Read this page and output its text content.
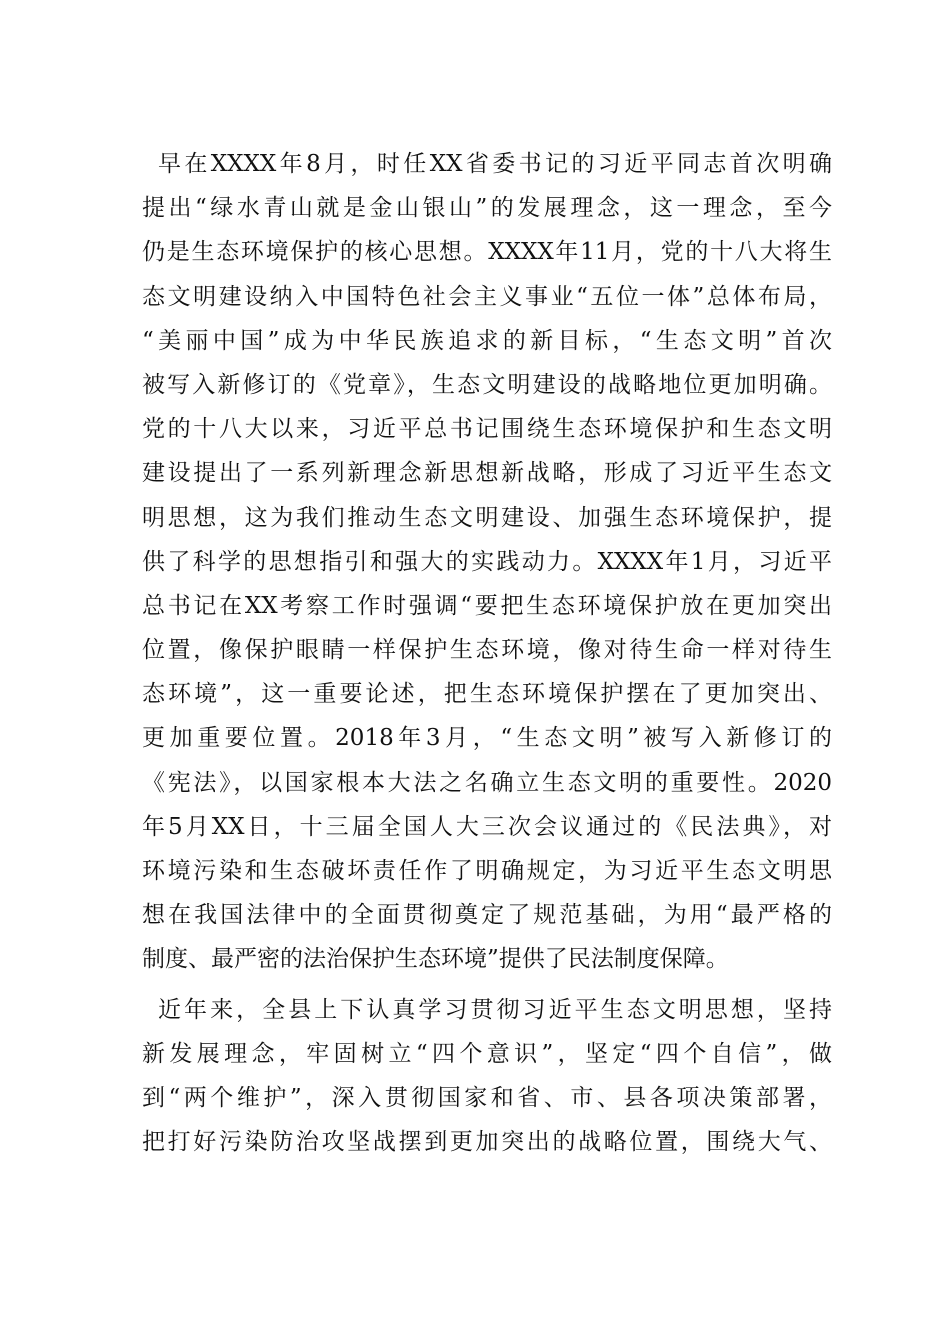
早在XXXX年8月，时任XX省委书记的习近平同志首次明确
提出“绿水青山就是金山银山”的发展理念，这一理念，至今
仍是生态环境保护的核心思想。XXXX年11月，党的十八大将生
态文明建设纳入中国特色社会主义事业“五位一体”总体布局，
“美丽中国”成为中华民族追求的新目标，“生态文明”首次
被写入新修订的《党章》，生态文明建设的战略地位更加明确。
党的十八大以来，习近平总书记围绕生态环境保护和生态文明
建设提出了一系列新理念新思想新战略，形成了习近平生态文
明思想，这为我们推动生态文明建设、加强生态环境保护，提
供了科学的思想指引和强大的实践动力。XXXX年1月，习近平
总书记在XX考察工作时强调“要把生态环境保护放在更加突出
位置，像保护眼睛一样保护生态环境，像对待生命一样对待生
态环境”，这一重要论述，把生态环境保护摆在了更加突出、
更加重要位置。2018年3月，“生态文明”被写入新修订的
《宪法》，以国家根本大法之名确立生态文明的重要性。2020
年5月XX日，十三届全国人大三次会议通过的《民法典》，对
环境污染和生态破坏责任作了明确规定，为习近平生态文明思
想在我国法律中的全面贯彻奠定了规范基础，为用“最严格的
制度、最严密的法治保护生态环境”提供了民法制度保障。
近年来，全县上下认真学习贯彻习近平生态文明思想，坚持
新发展理念，牢固树立“四个意识”，坚定“四个自信”，做
到“两个维护”，深入贯彻国家和省、市、县各项决策部署，
把打好污染防治攻坚战摆到更加突出的战略位置，围绕大气、
